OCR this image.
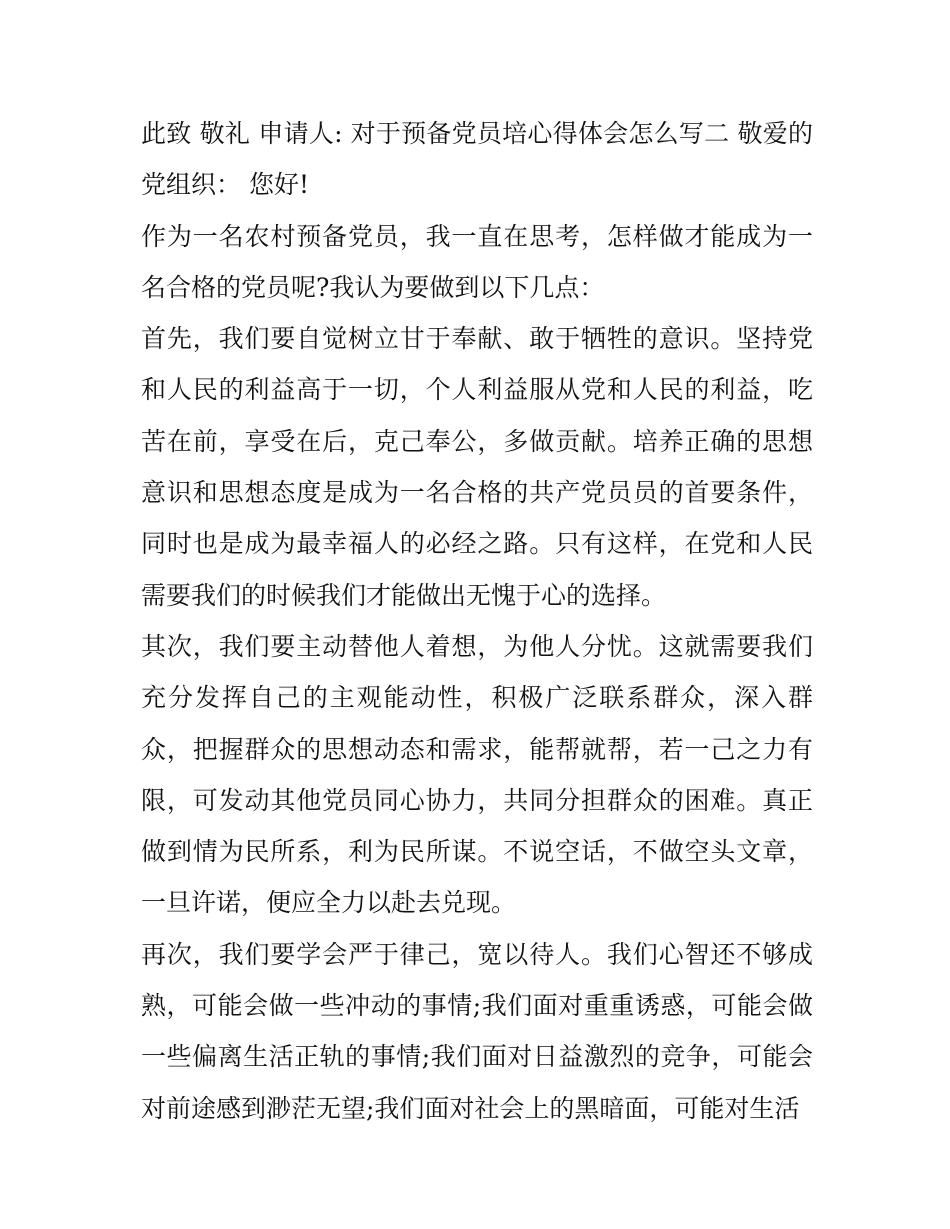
此致 敬礼 申请人: 对于预备党员培心得体会怎么写二 敬爱的党组织： 您好!

作为一名农村预备党员，我一直在思考，怎样做才能成为一名合格的党员呢?我认为要做到以下几点：

首先，我们要自觉树立甘于奉献、敢于牺牲的意识。坚持党和人民的利益高于一切，个人利益服从党和人民的利益，吃苦在前，享受在后，克己奉公，多做贡献。培养正确的思想意识和思想态度是成为一名合格的共产党员员的首要条件，同时也是成为最幸福人的必经之路。只有这样，在党和人民需要我们的时候我们才能做出无愧于心的选择。

其次，我们要主动替他人着想，为他人分忧。这就需要我们充分发挥自己的主观能动性，积极广泛联系群众，深入群众，把握群众的思想动态和需求，能帮就帮，若一己之力有限，可发动其他党员同心协力，共同分担群众的困难。真正做到情为民所系，利为民所谋。不说空话，不做空头文章，一旦许诺，便应全力以赴去兑现。

再次，我们要学会严于律己，宽以待人。我们心智还不够成熟，可能会做一些冲动的事情;我们面对重重诱惑，可能会做一些偏离生活正轨的事情;我们面对日益激烈的竞争，可能会对前途感到渺茫无望;我们面对社会上的黑暗面，可能对生活
